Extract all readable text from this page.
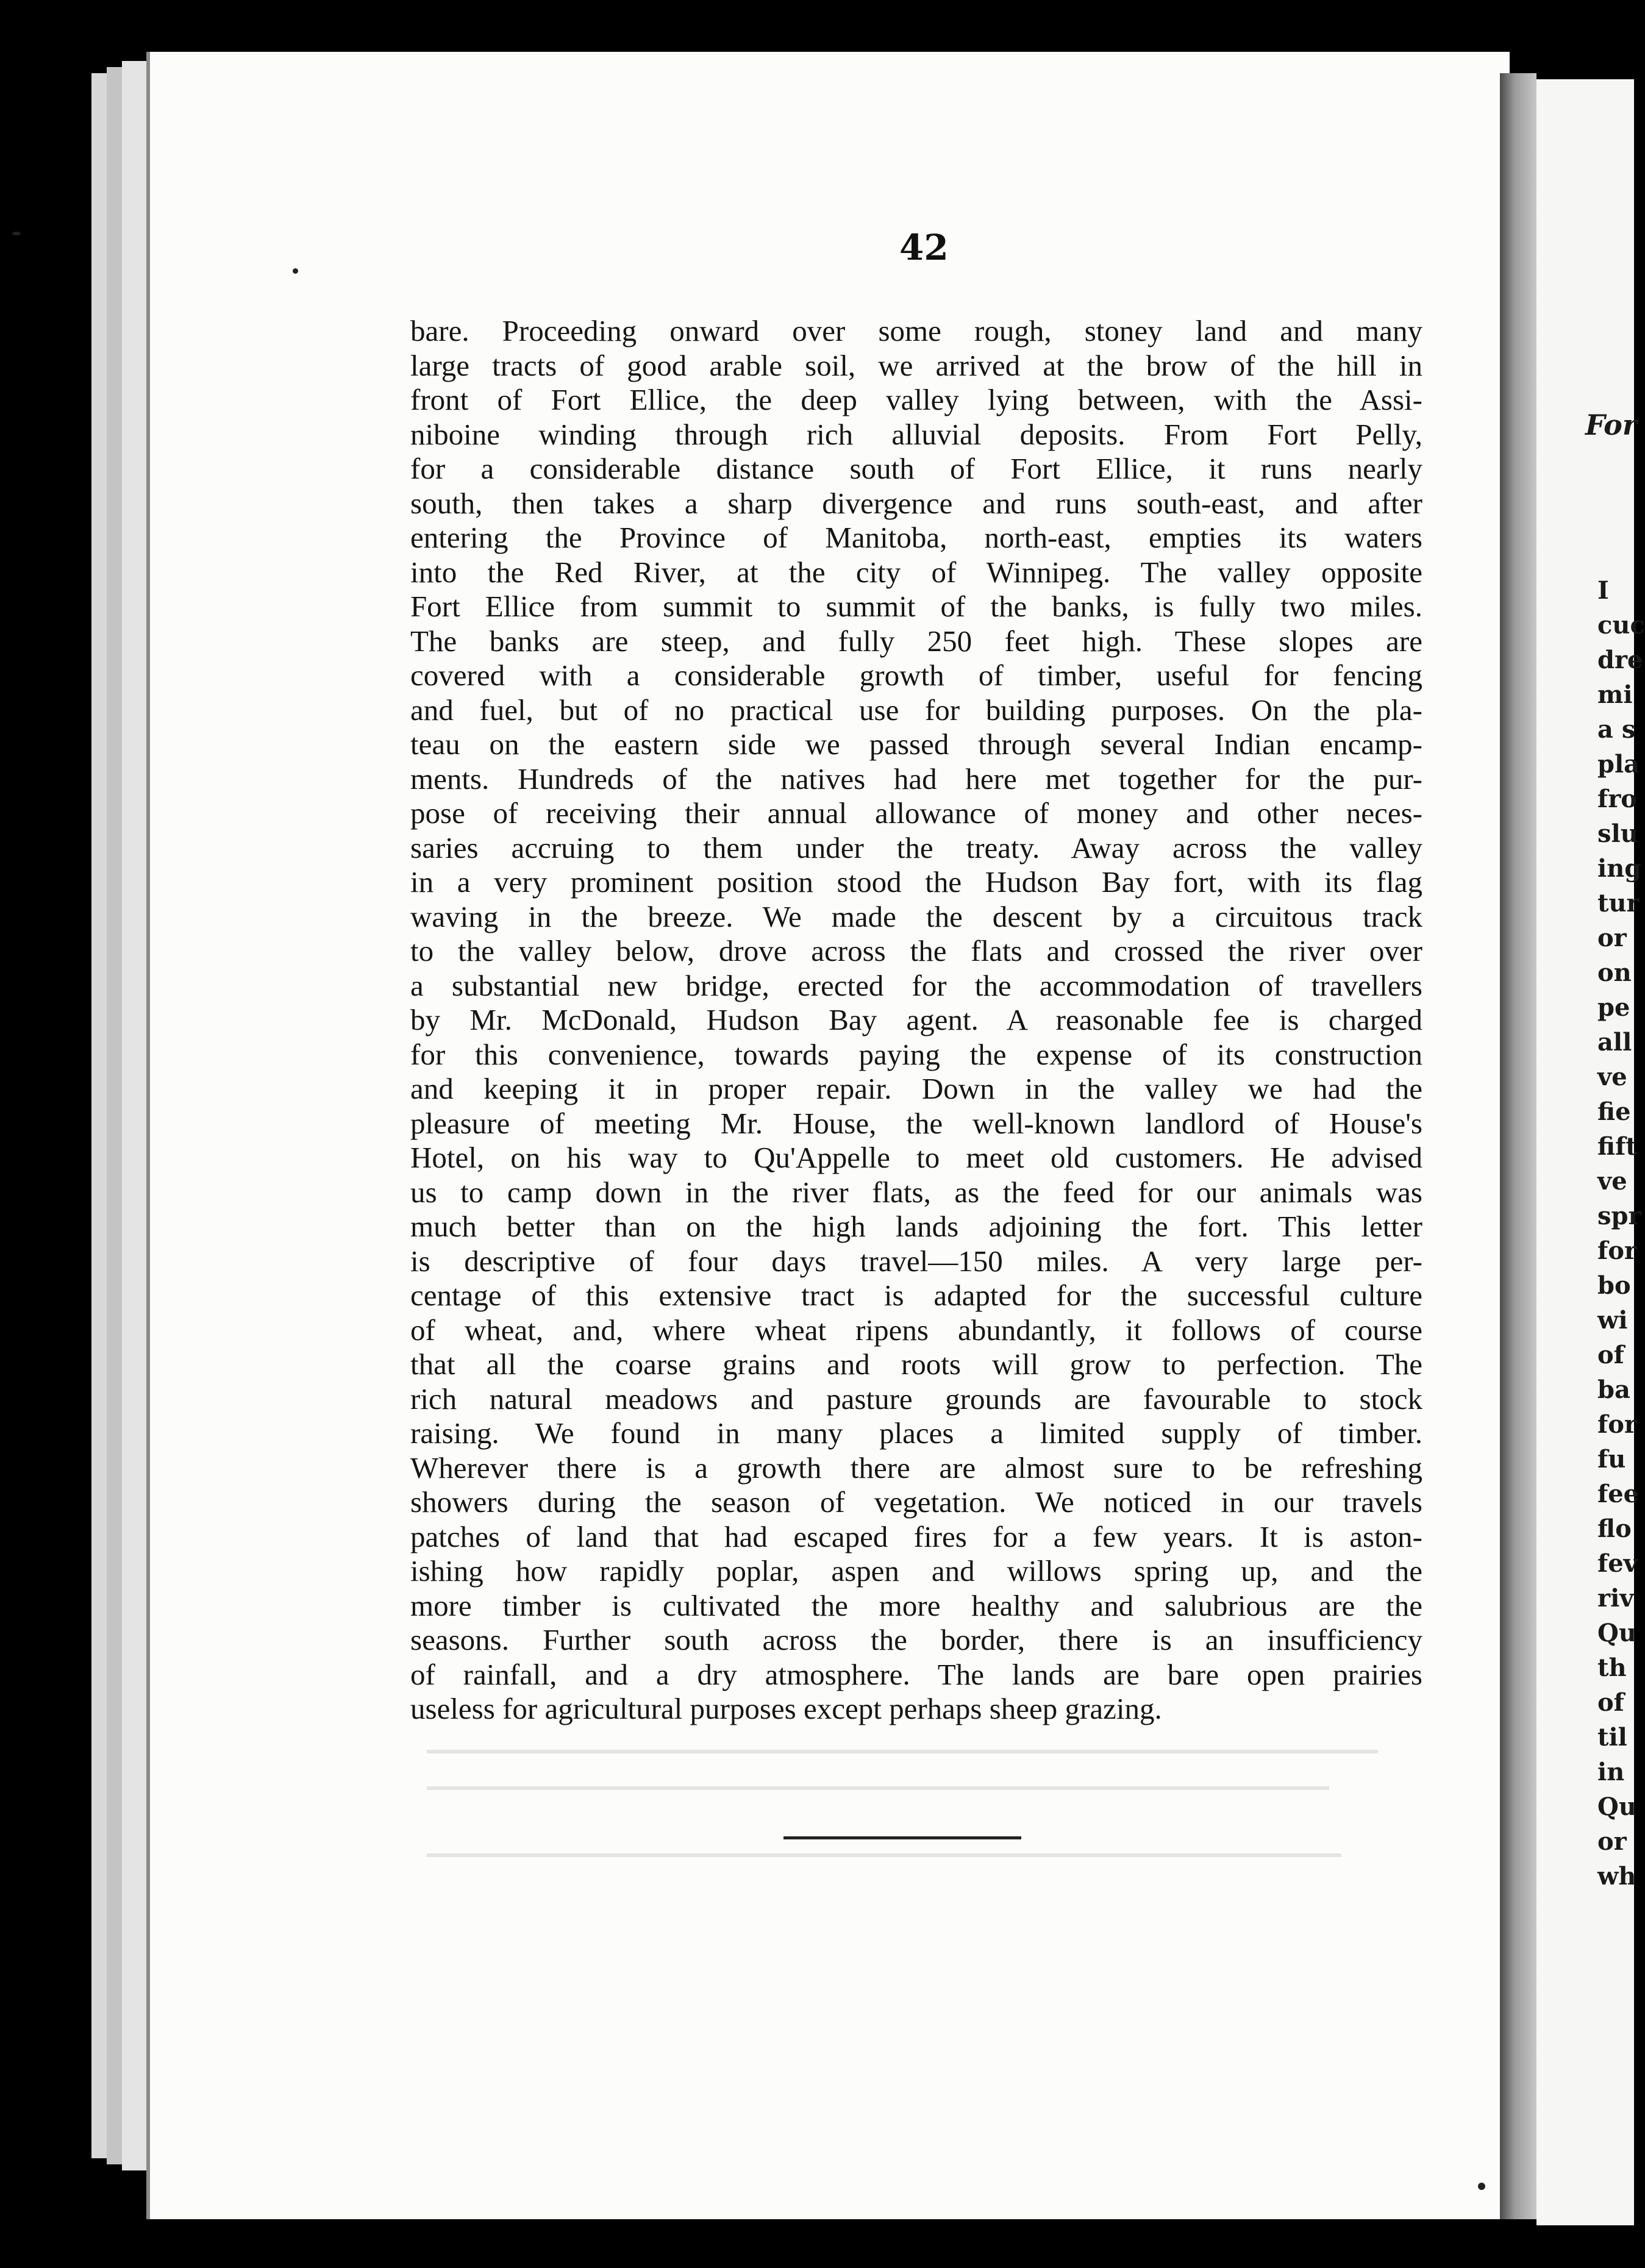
42
bare. Proceeding onward over some rough, stoney land and many
large tracts of good arable soil, we arrived at the brow of the hill in
front of Fort Ellice, the deep valley lying between, with the Assi-
niboine winding through rich alluvial deposits. From Fort Pelly,
for a considerable distance south of Fort Ellice, it runs nearly
south, then takes a sharp divergence and runs south-east, and after
entering the Province of Manitoba, north-east, empties its waters
into the Red River, at the city of Winnipeg. The valley opposite
Fort Ellice from summit to summit of the banks, is fully two miles.
The banks are steep, and fully 250 feet high. These slopes are
covered with a considerable growth of timber, useful for fencing
and fuel, but of no practical use for building purposes. On the pla-
teau on the eastern side we passed through several Indian encamp-
ments. Hundreds of the natives had here met together for the pur-
pose of receiving their annual allowance of money and other neces-
saries accruing to them under the treaty. Away across the valley
in a very prominent position stood the Hudson Bay fort, with its flag
waving in the breeze. We made the descent by a circuitous track
to the valley below, drove across the flats and crossed the river over
a substantial new bridge, erected for the accommodation of travellers
by Mr. McDonald, Hudson Bay agent. A reasonable fee is charged
for this convenience, towards paying the expense of its construction
and keeping it in proper repair. Down in the valley we had the
pleasure of meeting Mr. House, the well-known landlord of House's
Hotel, on his way to Qu'Appelle to meet old customers. He advised
us to camp down in the river flats, as the feed for our animals was
much better than on the high lands adjoining the fort. This letter
is descriptive of four days travel—150 miles. A very large per-
centage of this extensive tract is adapted for the successful culture
of wheat, and, where wheat ripens abundantly, it follows of course
that all the coarse grains and roots will grow to perfection. The
rich natural meadows and pasture grounds are favourable to stock
raising. We found in many places a limited supply of timber.
Wherever there is a growth there are almost sure to be refreshing
showers during the season of vegetation. We noticed in our travels
patches of land that had escaped fires for a few years. It is aston-
ishing how rapidly poplar, aspen and willows spring up, and the
more timber is cultivated the more healthy and salubrious are the
seasons. Further south across the border, there is an insufficiency
of rainfall, and a dry atmosphere. The lands are bare open prairies
useless for agricultural purposes except perhaps sheep grazing.
For
I
cuc
dre
mi
a s
pla
fro
slu
ing
tur
or
on
pe
all
ve
fie
fift
ve
spr
for
bo
wi
of
ba
for
fu
fee
flo
fev
riv
Qu
th
of
til
in
Qu
or
wh
